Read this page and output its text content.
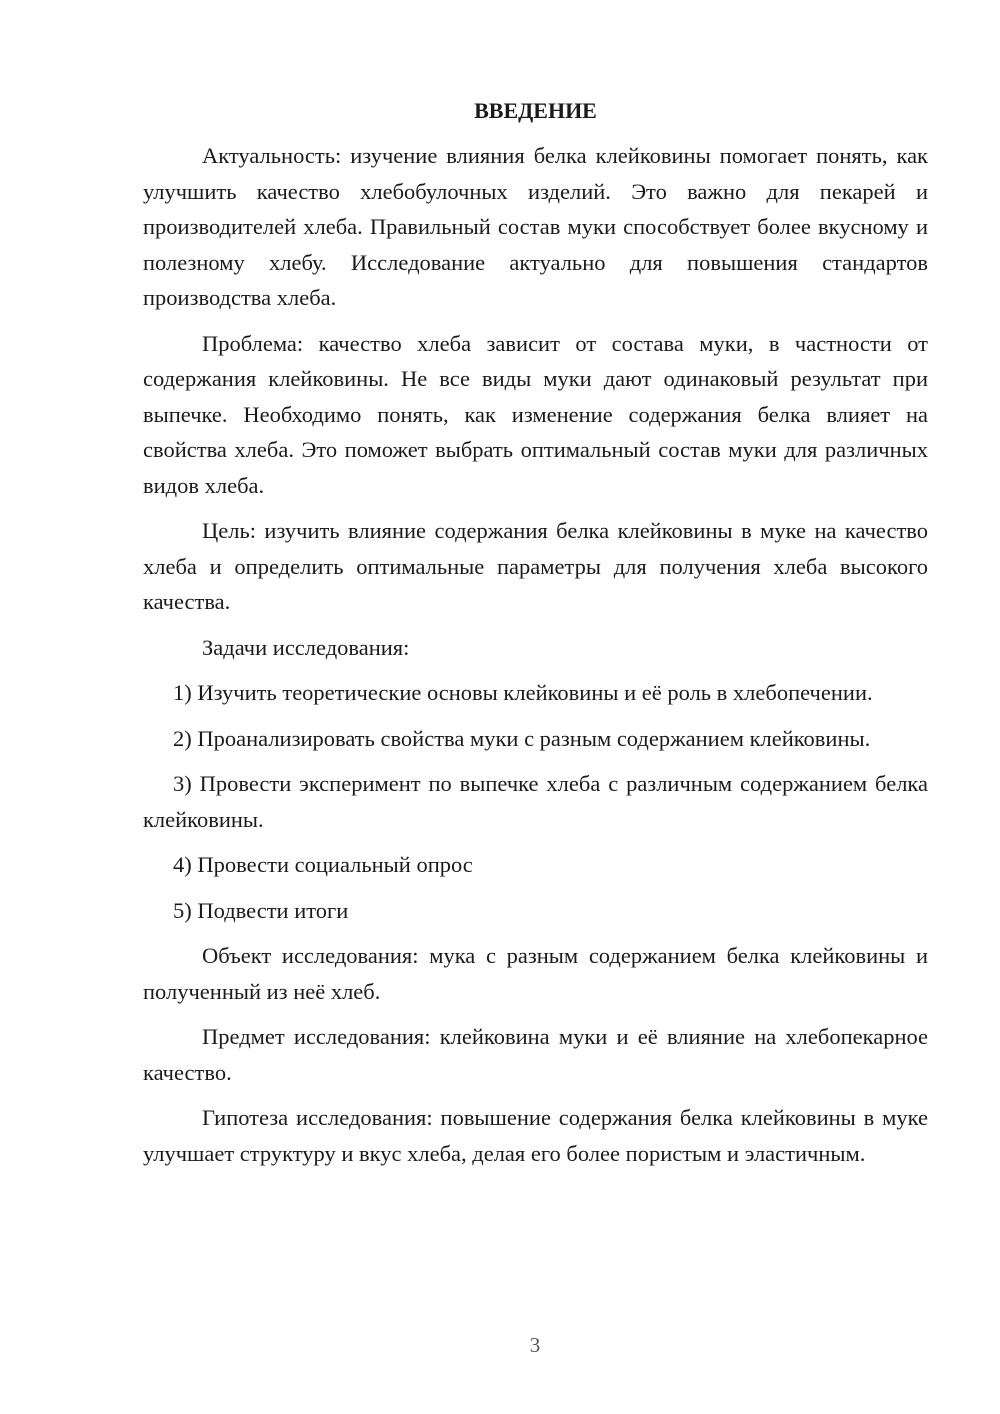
ВВЕДЕНИЕ

Актуальность: изучение влияния белка клейковины помогает понять, как улучшить качество хлебобулочных изделий. Это важно для пекарей и производителей хлеба. Правильный состав муки способствует более вкусному и полезному хлебу. Исследование актуально для повышения стандартов производства хлеба.

Проблема: качество хлеба зависит от состава муки, в частности от содержания клейковины. Не все виды муки дают одинаковый результат при выпечке. Необходимо понять, как изменение содержания белка влияет на свойства хлеба. Это поможет выбрать оптимальный состав муки для различных видов хлеба.

Цель: изучить влияние содержания белка клейковины в муке на качество хлеба и определить оптимальные параметры для получения хлеба высокого качества.

Задачи исследования:

1) Изучить теоретические основы клейковины и её роль в хлебопечении.

2) Проанализировать свойства муки с разным содержанием клейковины.

3) Провести эксперимент по выпечке хлеба с различным содержанием белка клейковины.

4) Провести социальный опрос

5) Подвести итоги

Объект исследования: мука с разным содержанием белка клейковины и полученный из неё хлеб.

Предмет исследования: клейковина муки и её влияние на хлебопекарное качество.

Гипотеза исследования: повышение содержания белка клейковины в муке улучшает структуру и вкус хлеба, делая его более пористым и эластичным.

3
